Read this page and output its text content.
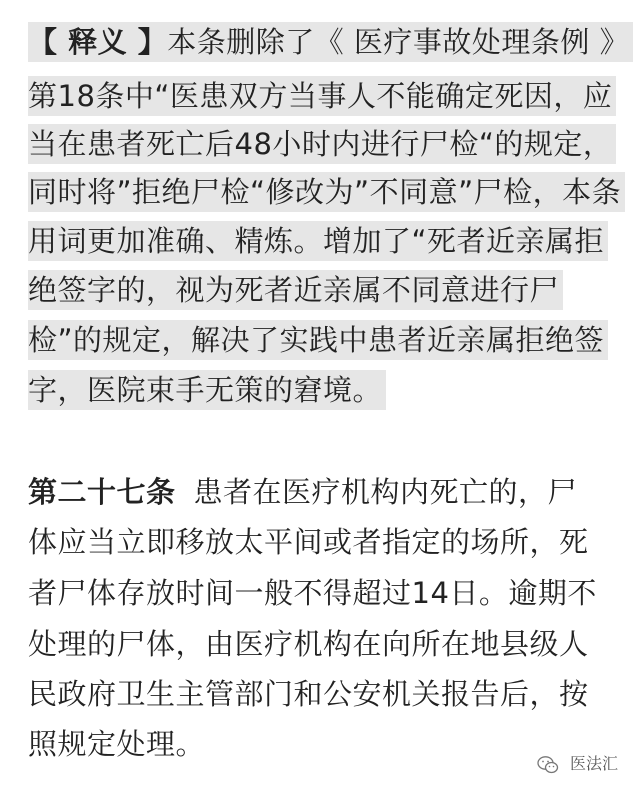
【 释义 】本条删除了《 医疗事故处理条例 》
第18条中“医患双方当事人不能确定死因，应
当在患者死亡后48小时内进行尸检“的规定，
同时将”拒绝尸检“修改为”不同意”尸检，本条
用词更加准确、精炼。增加了“死者近亲属拒
绝签字的，视为死者近亲属不同意进行尸
检”的规定，解决了实践中患者近亲属拒绝签
字，医院束手无策的窘境。
第二十七条 患者在医疗机构内死亡的，尸
体应当立即移放太平间或者指定的场所，死
者尸体存放时间一般不得超过14日。逾期不
处理的尸体，由医疗机构在向所在地县级人
民政府卫生主管部门和公安机关报告后，按
照规定处理。
医法汇
